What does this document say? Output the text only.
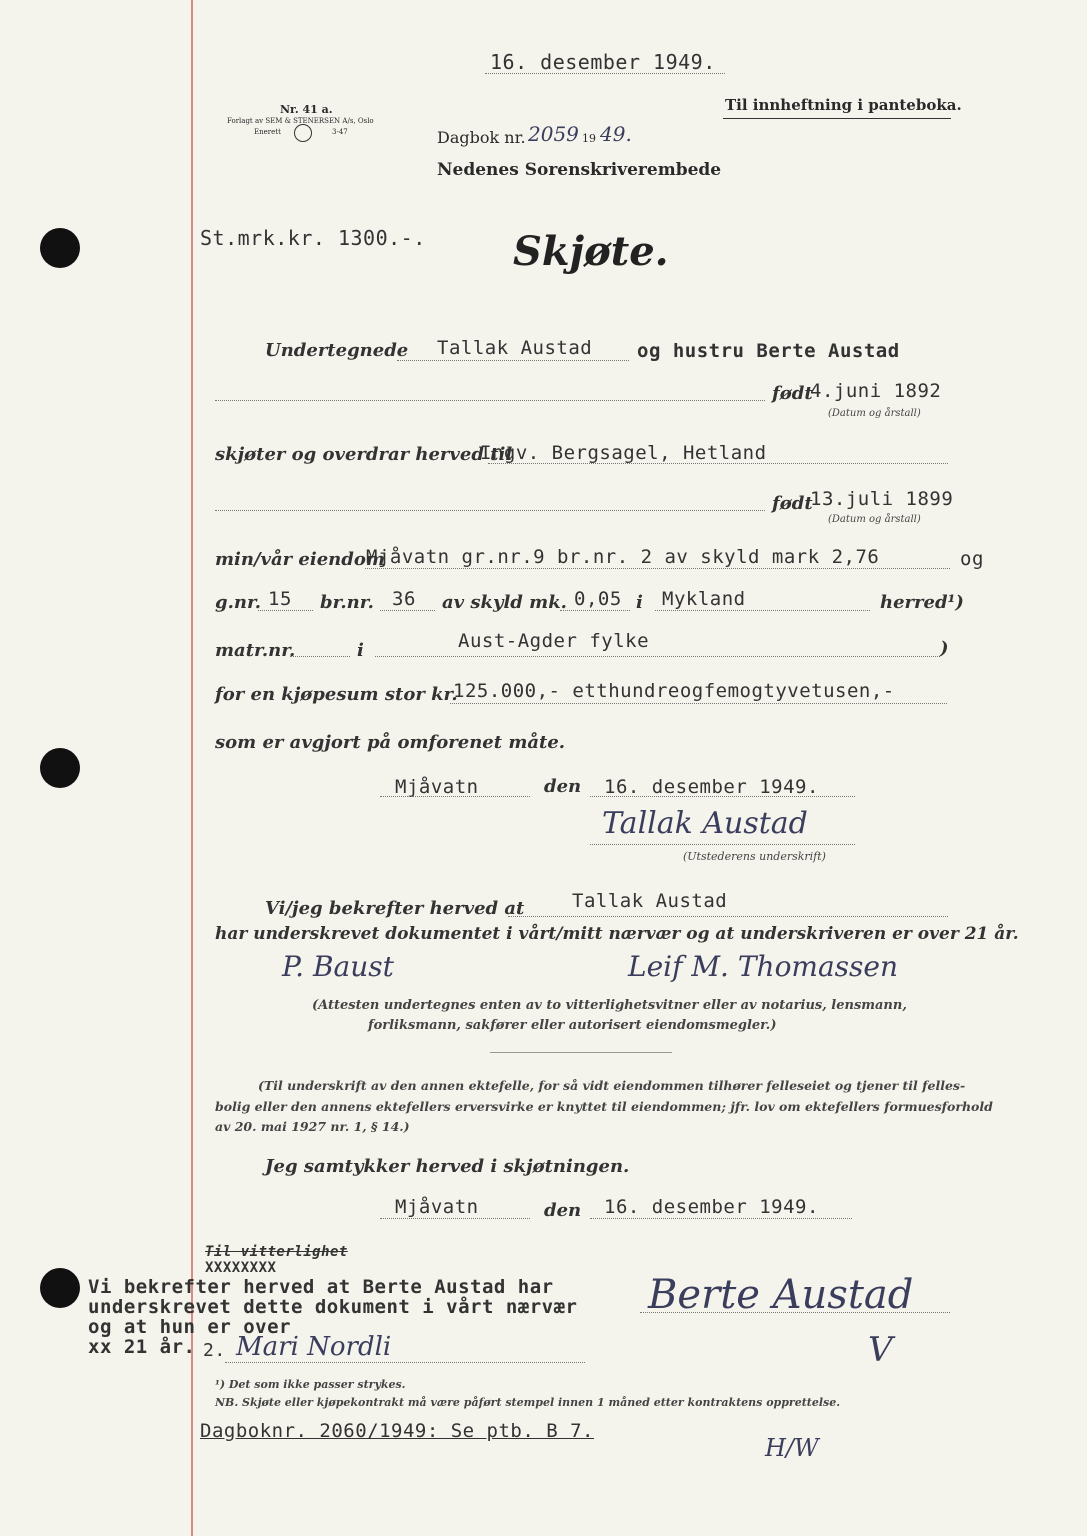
16. desember 1949.
Nr. 41 a.
Forlagt av SEM & STENERSEN A/s, Oslo
Enerett	3-47
Til innheftning i panteboka.
Dagbok nr. 2059 19 49.
Nedenes Sorenskriverembede
St.mrk.kr. 1300.-. Skjøte.
Undertegnede Tallak Austad og hustru Berte Austad
født
4.juni 1892
(Datum og årstall)
skjøter og overdrar herved til
Ingv. Bergsagel, Hetland
født
13.juli 1899
(Datum og årstall)
min/vår eiendom
Mjåvatn gr.nr.9 br.nr. 2 av skyld mark 2,76	og
g.nr. 15 br.nr. 36 av skyld mk. 0,05 i Mykland	herred¹)
matr.nr.	i	Aust-Agder fylke	)
for en kjøpesum stor kr.
125.000,- etthundreogfemogtyvetusen,-
som er avgjort på omforenet måte.
Mjåvatn	den 16. desember 1949.
Tallak Austad
(Utstederens underskrift)
Vi/jeg bekrefter herved at	Tallak Austad
har underskrevet dokumentet i vårt/mitt nærvær og at underskriveren er over 21 år.
P. Baust	Leif M. Thomassen
(Attesten undertegnes enten av to vitterlighetsvitner eller av notarius, lensmann,
forliksmann, sakfører eller autorisert eiendomsmegler.)
(Til underskrift av den annen ektefelle, for så vidt eiendommen tilhører felleseiet og tjener til felles-
bolig eller den annens ektefellers erversvirke er knyttet til eiendommen; jfr. lov om ektefellers formuesforhold
av 20. mai 1927 nr. 1, § 14.)
Jeg samtykker herved i skjøtningen.
Mjåvatn	den 16. desember 1949.
Til vitterlighet
XXXXXXXX
Vi bekrefter herved at Berte Austad har
underskrevet dette dokument i vårt nærvær
og at hun er over
xx 21 år. 2. Mari Nordli
Berte Austad
V
¹) Det som ikke passer strykes.
NB. Skjøte eller kjøpekontrakt må være påført stempel innen 1 måned etter kontraktens opprettelse.
Dagboknr. 2060/1949: Se ptb. B 7.
H/W
